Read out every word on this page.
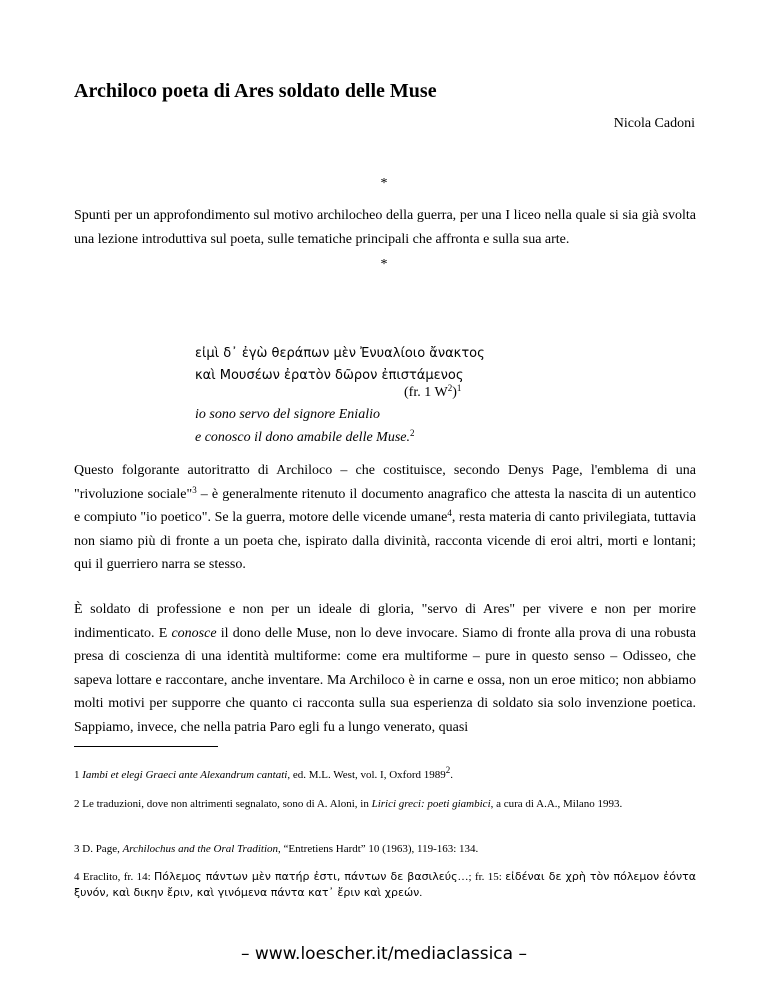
Archiloco poeta di Ares soldato delle Muse
Nicola Cadoni
*
Spunti per un approfondimento sul motivo archilocheo della guerra, per una I liceo nella quale si sia già svolta una lezione introduttiva sul poeta, sulle tematiche principali che affronta e sulla sua arte.
*
εἰμὶ δ᾽ ἐγὼ θεράπων μὲν Ἐνυαλίοιο ἄνακτος
καὶ Μουσέων ἐρατὸν δῶρον ἐπιστάμενος
(fr. 1 $W^2)^1$
io sono servo del signore Enialio
e conosco il dono amabile delle Muse.$^2$
Questo folgorante autoritratto di Archiloco – che costituisce, secondo Denys Page, l'emblema di una "rivoluzione sociale"$^3$ – è generalmente ritenuto il documento anagrafico che attesta la nascita di un autentico e compiuto "io poetico". Se la guerra, motore delle vicende umane$^4$, resta materia di canto privilegiata, tuttavia non siamo più di fronte a un poeta che, ispirato dalla divinità, racconta vicende di eroi altri, morti e lontani; qui il guerriero narra se stesso.
È soldato di professione e non per un ideale di gloria, "servo di Ares" per vivere e non per morire indimenticato. E conosce il dono delle Muse, non lo deve invocare. Siamo di fronte alla prova di una robusta presa di coscienza di una identità multiforme: come era multiforme – pure in questo senso – Odisseo, che sapeva lottare e raccontare, anche inventare. Ma Archiloco è in carne e ossa, non un eroe mitico; non abbiamo molti motivi per supporre che quanto ci racconta sulla sua esperienza di soldato sia solo invenzione poetica. Sappiamo, invece, che nella patria Paro egli fu a lungo venerato, quasi
1 Iambi et elegi Graeci ante Alexandrum cantati, ed. M.L. West, vol. I, Oxford 1989$^2$.
2 Le traduzioni, dove non altrimenti segnalato, sono di A. Aloni, in Lirici greci: poeti giambici, a cura di A.A., Milano 1993.
3 D. Page, Archilochus and the Oral Tradition, “Entretiens Hardt” 10 (1963), 119-163: 134.
4 Eraclito, fr. 14: Πόλεμος πάντων μὲν πατήρ ἐστι, πάντων δε βασιλεύς…; fr. 15: εἰδέναι δε χρὴ τὸν πόλεμον ἐόντα ξυνόν, καὶ δικην ἔριν, καὶ γινόμενα πάντα κατ᾽ ἔριν καὶ χρεών.
– www.loescher.it/mediaclassica –
